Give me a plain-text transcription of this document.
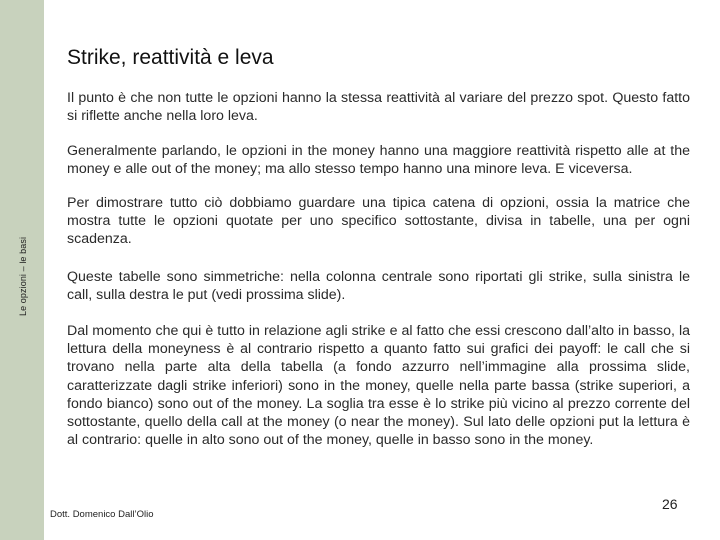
Le opzioni – le basi
Strike, reattività e leva

Il punto è che non tutte le opzioni hanno la stessa reattività al variare del prezzo spot. Questo fatto si riflette anche nella loro leva.

Generalmente parlando, le opzioni in the money hanno una maggiore reattività rispetto alle at the money e alle out of the money; ma allo stesso tempo hanno una minore leva. E viceversa.

Per dimostrare tutto ciò dobbiamo guardare una tipica catena di opzioni, ossia la matrice che mostra tutte le opzioni quotate per uno specifico sottostante, divisa in tabelle, una per ogni scadenza.

Queste tabelle sono simmetriche: nella colonna centrale sono riportati gli strike, sulla sinistra le call, sulla destra le put (vedi prossima slide).

Dal momento che qui è tutto in relazione agli strike e al fatto che essi crescono dall’alto in basso, la lettura della moneyness è al contrario rispetto a quanto fatto sui grafici dei payoff: le call che si trovano nella parte alta della tabella (a fondo azzurro nell’immagine alla prossima slide, caratterizzate dagli strike inferiori) sono in the money, quelle nella parte bassa (strike superiori, a fondo bianco) sono out of the money. La soglia tra esse è lo strike più vicino al prezzo corrente del sottostante, quello della call at the money (o near the money). Sul lato delle opzioni put la lettura è al contrario: quelle in alto sono out of the money, quelle in basso sono in the money.

Dott. Domenico Dall’Olio
26
